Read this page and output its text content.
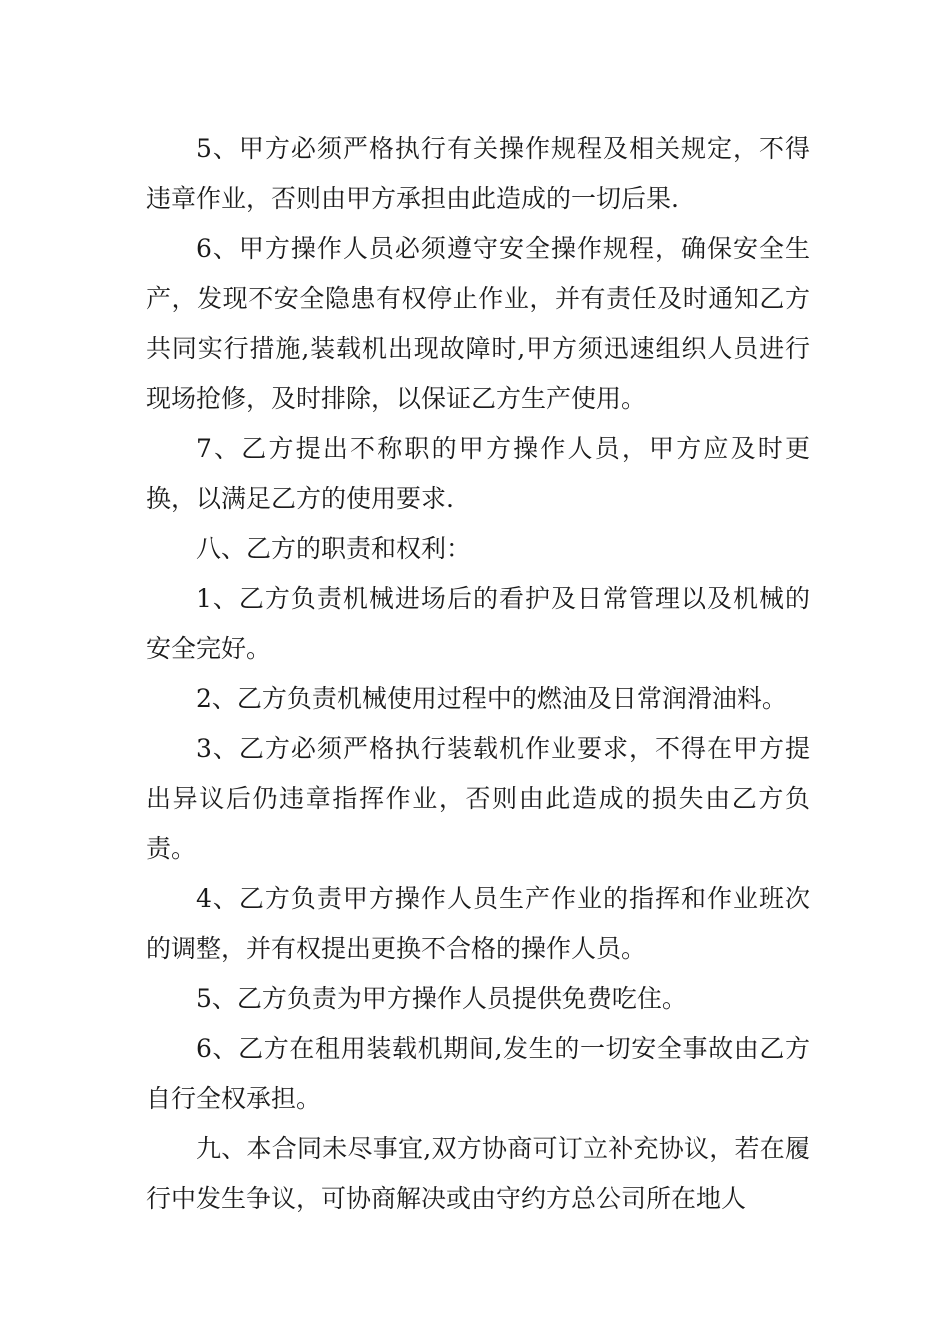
5、甲方必须严格执行有关操作规程及相关规定，不得违章作业，否则由甲方承担由此造成的一切后果.

6、甲方操作人员必须遵守安全操作规程，确保安全生产，发现不安全隐患有权停止作业，并有责任及时通知乙方共同实行措施,装载机出现故障时,甲方须迅速组织人员进行现场抢修，及时排除，以保证乙方生产使用。

7、乙方提出不称职的甲方操作人员，甲方应及时更换，以满足乙方的使用要求.

八、乙方的职责和权利：

1、乙方负责机械进场后的看护及日常管理以及机械的安全完好。

2、乙方负责机械使用过程中的燃油及日常润滑油料。

3、乙方必须严格执行装载机作业要求，不得在甲方提出异议后仍违章指挥作业，否则由此造成的损失由乙方负责。

4、乙方负责甲方操作人员生产作业的指挥和作业班次的调整，并有权提出更换不合格的操作人员。

5、乙方负责为甲方操作人员提供免费吃住。

6、乙方在租用装载机期间,发生的一切安全事故由乙方自行全权承担。

九、本合同未尽事宜,双方协商可订立补充协议，若在履行中发生争议，可协商解决或由守约方总公司所在地人
